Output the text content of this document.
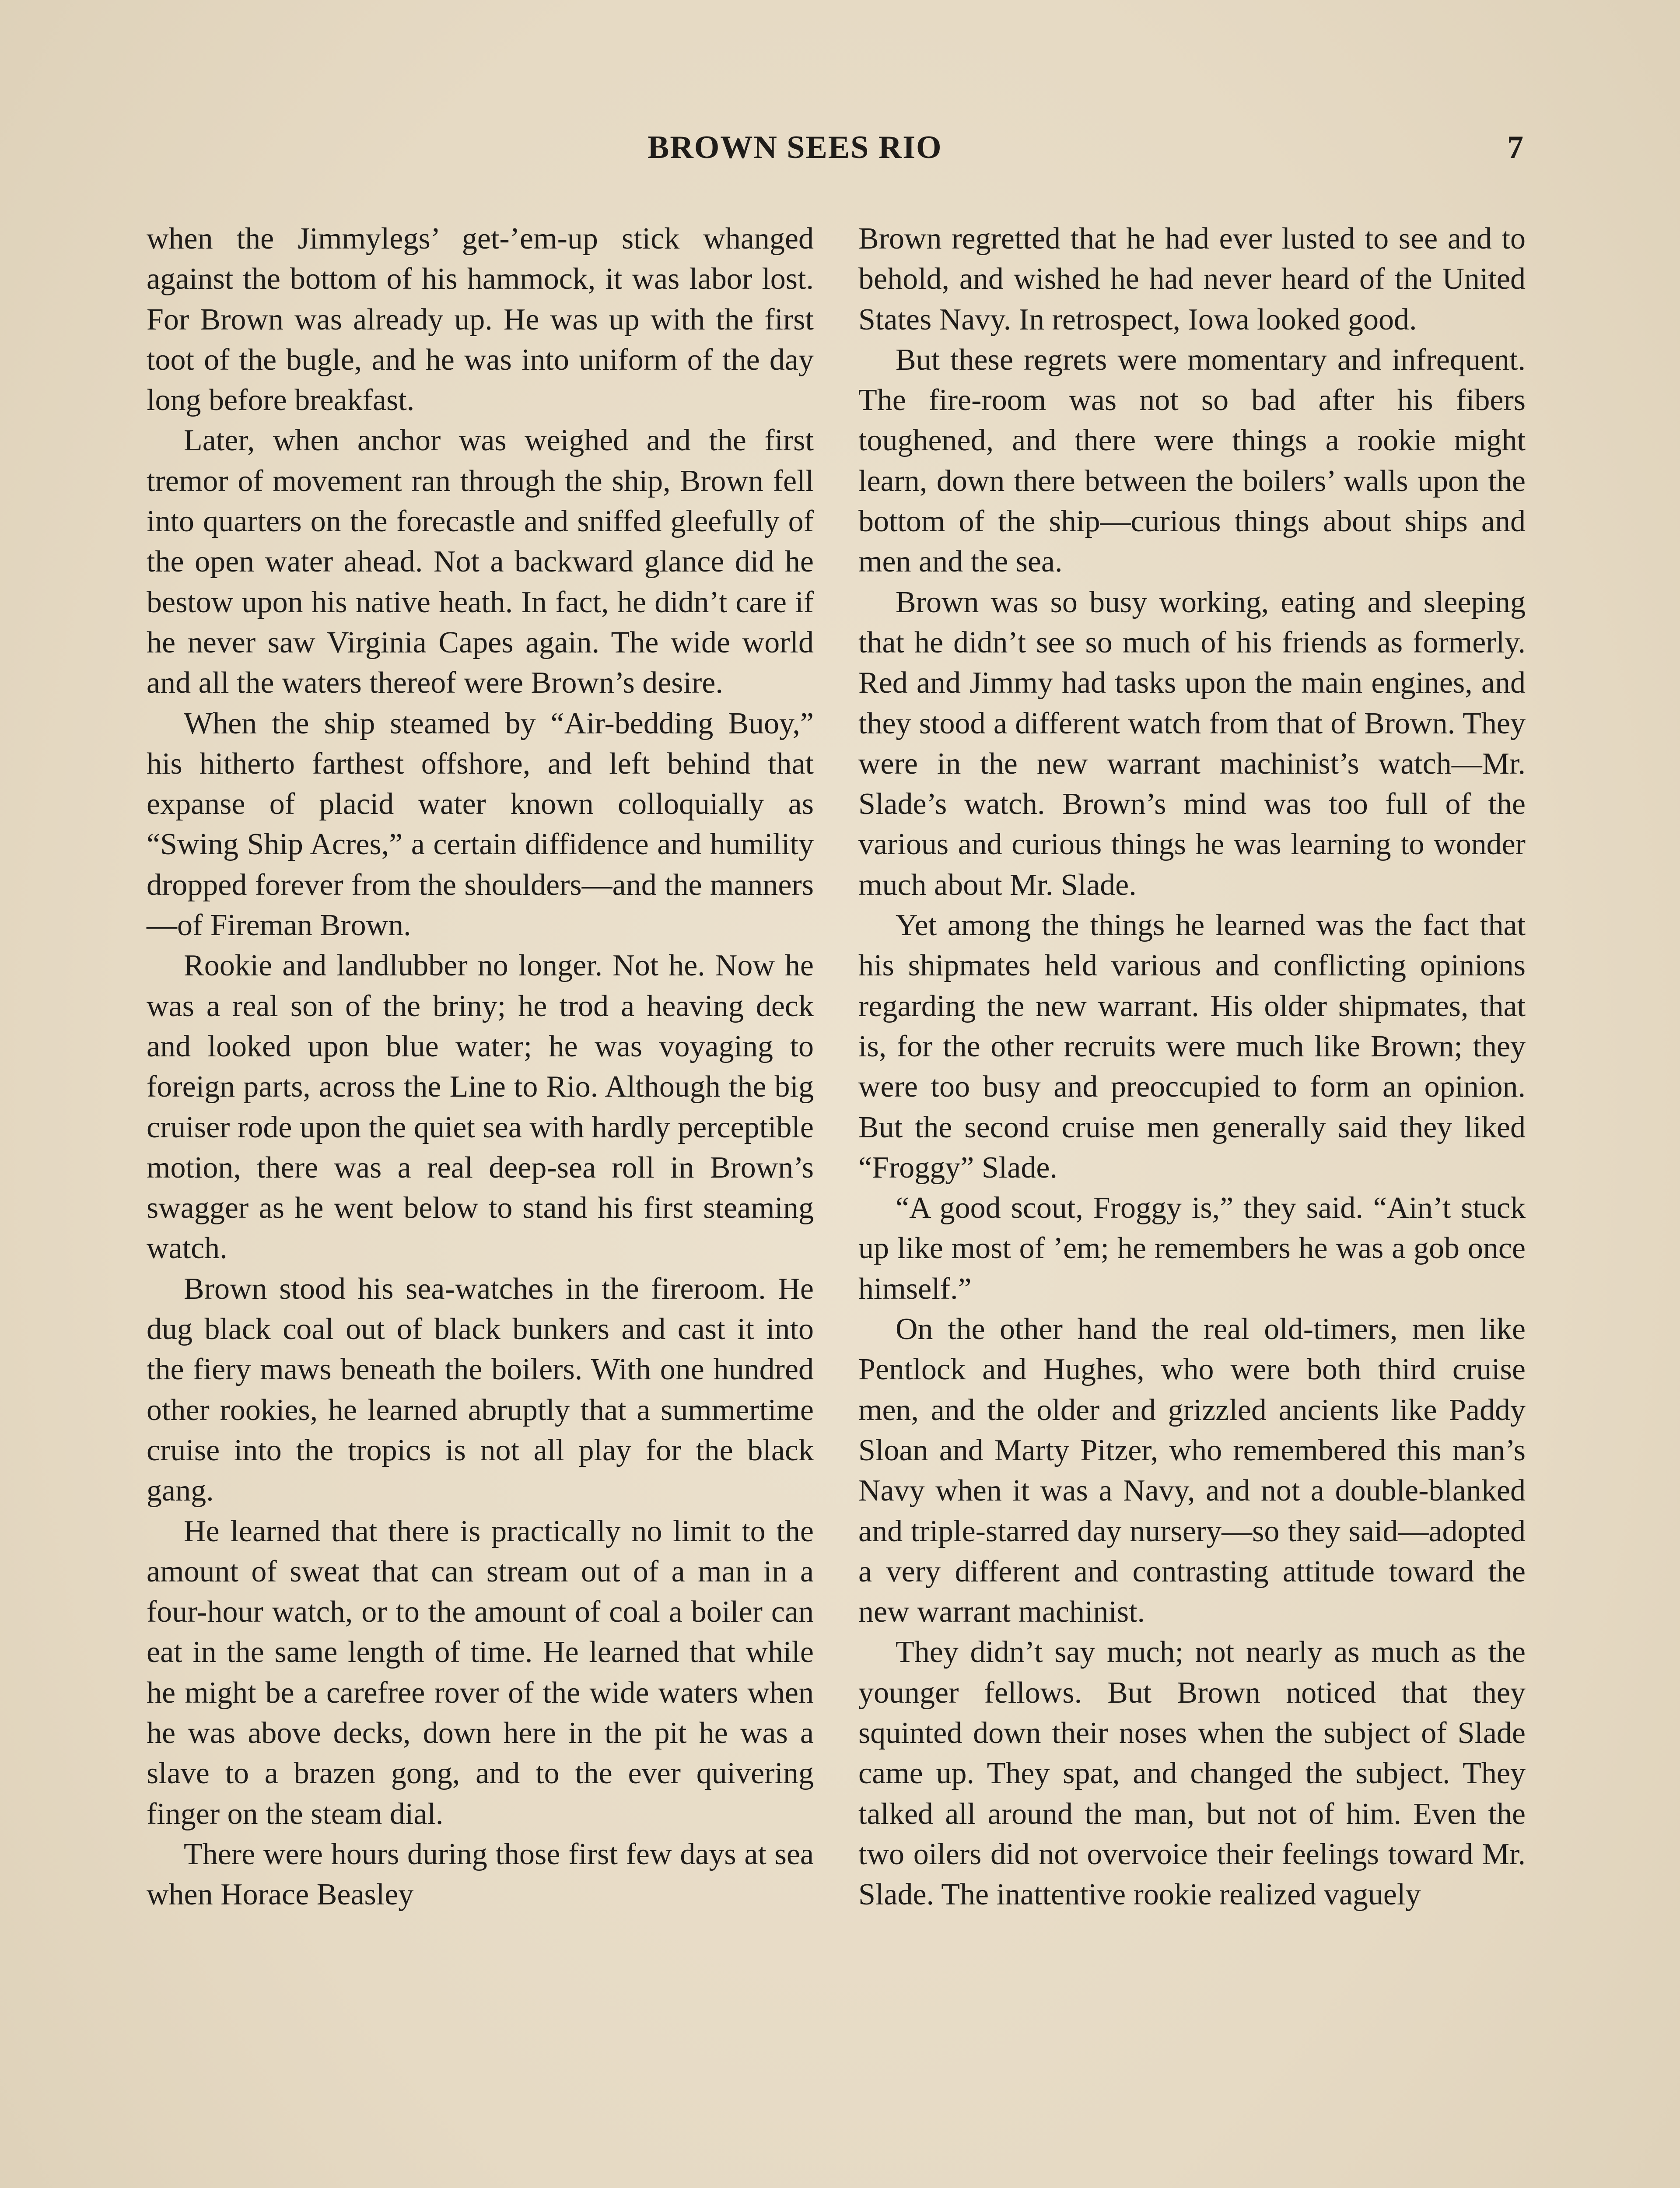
BROWN SEES RIO	7

when the Jimmylegs’ get-’em-up stick whanged against the bottom of his hammock, it was labor lost. For Brown was already up. He was up with the first toot of the bugle, and he was into uniform of the day long before breakfast.

Later, when anchor was weighed and the first tremor of movement ran through the ship, Brown fell into quarters on the forecastle and sniffed gleefully of the open water ahead. Not a backward glance did he bestow upon his native heath. In fact, he didn’t care if he never saw Virginia Capes again. The wide world and all the waters thereof were Brown’s desire.

When the ship steamed by “Air-bedding Buoy,” his hitherto farthest offshore, and left behind that expanse of placid water known colloquially as “Swing Ship Acres,” a certain diffidence and humility dropped forever from the shoulders—and the manners—of Fireman Brown.

Rookie and landlubber no longer. Not he. Now he was a real son of the briny; he trod a heaving deck and looked upon blue water; he was voyaging to foreign parts, across the Line to Rio. Although the big cruiser rode upon the quiet sea with hardly perceptible motion, there was a real deep-sea roll in Brown’s swagger as he went below to stand his first steaming watch.

Brown stood his sea-watches in the fireroom. He dug black coal out of black bunkers and cast it into the fiery maws beneath the boilers. With one hundred other rookies, he learned abruptly that a summertime cruise into the tropics is not all play for the black gang.

He learned that there is practically no limit to the amount of sweat that can stream out of a man in a four-hour watch, or to the amount of coal a boiler can eat in the same length of time. He learned that while he might be a carefree rover of the wide waters when he was above decks, down here in the pit he was a slave to a brazen gong, and to the ever quivering finger on the steam dial.

There were hours during those first few days at sea when Horace Beasley

Brown regretted that he had ever lusted to see and to behold, and wished he had never heard of the United States Navy. In retrospect, Iowa looked good.

But these regrets were momentary and infrequent. The fire-room was not so bad after his fibers toughened, and there were things a rookie might learn, down there between the boilers’ walls upon the bottom of the ship—curious things about ships and men and the sea.

Brown was so busy working, eating and sleeping that he didn’t see so much of his friends as formerly. Red and Jimmy had tasks upon the main engines, and they stood a different watch from that of Brown. They were in the new warrant machinist’s watch—Mr. Slade’s watch. Brown’s mind was too full of the various and curious things he was learning to wonder much about Mr. Slade.

Yet among the things he learned was the fact that his shipmates held various and conflicting opinions regarding the new warrant. His older shipmates, that is, for the other recruits were much like Brown; they were too busy and preoccupied to form an opinion. But the second cruise men generally said they liked “Froggy” Slade.

“A good scout, Froggy is,” they said. “Ain’t stuck up like most of ’em; he remembers he was a gob once himself.”

On the other hand the real old-timers, men like Pentlock and Hughes, who were both third cruise men, and the older and grizzled ancients like Paddy Sloan and Marty Pitzer, who remembered this man’s Navy when it was a Navy, and not a double-blanked and triple-starred day nursery—so they said—adopted a very different and contrasting attitude toward the new warrant machinist.

They didn’t say much; not nearly as much as the younger fellows. But Brown noticed that they squinted down their noses when the subject of Slade came up. They spat, and changed the subject. They talked all around the man, but not of him. Even the two oilers did not overvoice their feelings toward Mr. Slade. The inattentive rookie realized vaguely
